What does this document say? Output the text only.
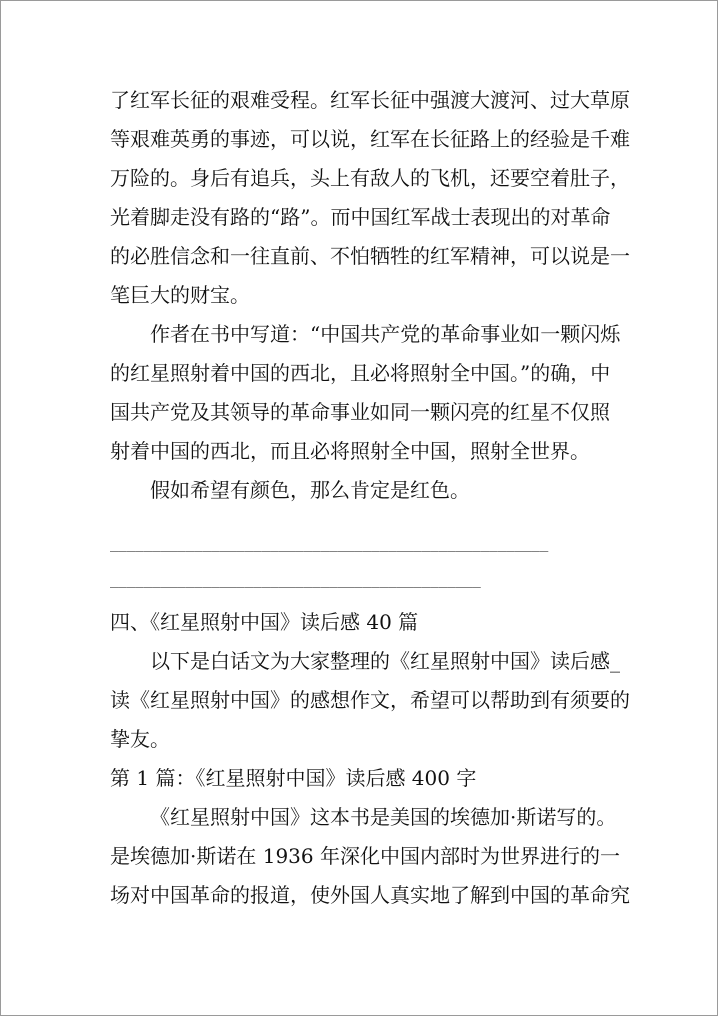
了红军长征的艰难受程。红军长征中强渡大渡河、过大草原
等艰难英勇的事迹，可以说，红军在长征路上的经验是千难
万险的。身后有追兵，头上有敌人的飞机，还要空着肚子，
光着脚走没有路的“路”。而中国红军战士表现出的对革命
的必胜信念和一往直前、不怕牺牲的红军精神，可以说是一
笔巨大的财宝。
作者在书中写道：“中国共产党的革命事业如一颗闪烁
的红星照射着中国的西北，且必将照射全中国。”的确，中
国共产党及其领导的革命事业如同一颗闪亮的红星不仅照
射着中国的西北，而且必将照射全中国，照射全世界。
假如希望有颜色，那么肯定是红色。
____________________________________________________
____________________________________________
四、《红星照射中国》读后感 40 篇
以下是白话文为大家整理的《红星照射中国》读后感_
读《红星照射中国》的感想作文，希望可以帮助到有须要的
挚友。
第 1 篇：《红星照射中国》读后感 400 字
《红星照射中国》这本书是美国的埃德加·斯诺写的。
是埃德加·斯诺在 1936 年深化中国内部时为世界进行的一
场对中国革命的报道，使外国人真实地了解到中国的革命究
